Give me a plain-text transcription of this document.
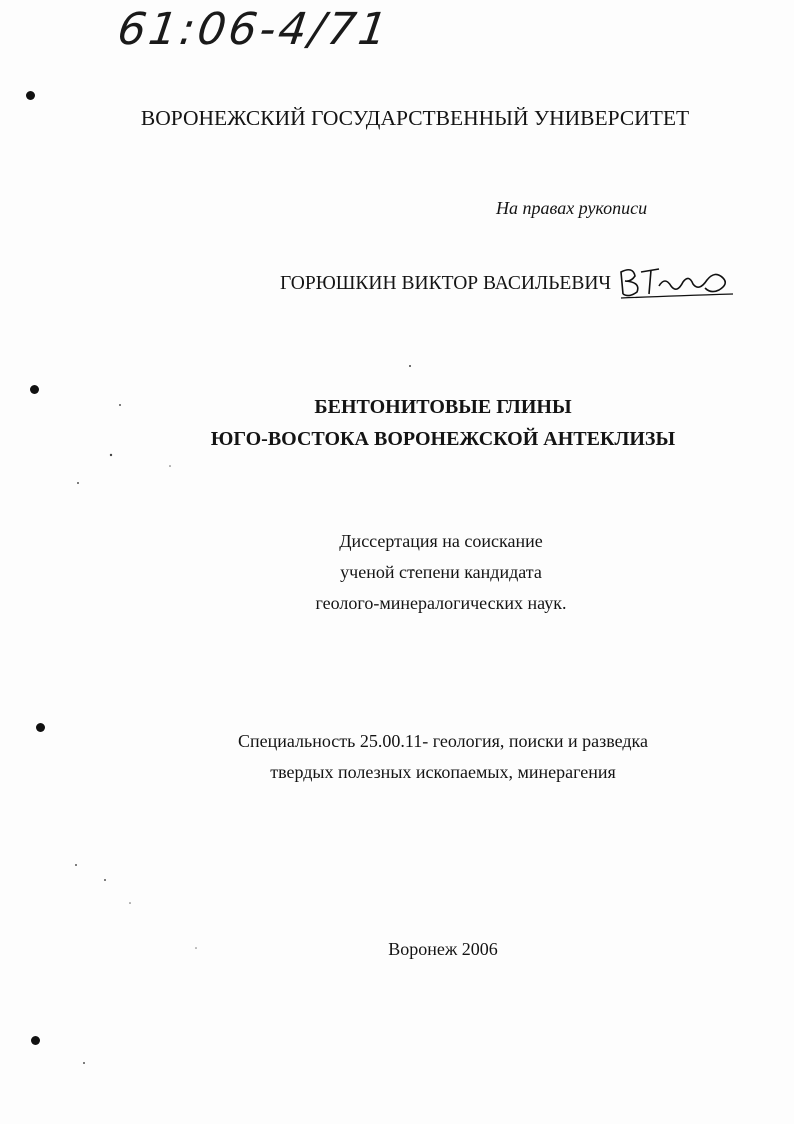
61:06-4/71
ВОРОНЕЖСКИЙ ГОСУДАРСТВЕННЫЙ УНИВЕРСИТЕТ
На правах рукописи
ГОРЮШКИН ВИКТОР ВАСИЛЬЕВИЧ
БЕНТОНИТОВЫЕ ГЛИНЫ
ЮГО-ВОСТОКА ВОРОНЕЖСКОЙ АНТЕКЛИЗЫ
Диссертация на соискание
ученой степени кандидата
геолого-минералогических наук.
Специальность 25.00.11- геология, поиски и разведка
твердых полезных ископаемых, минерагения
Воронеж 2006
